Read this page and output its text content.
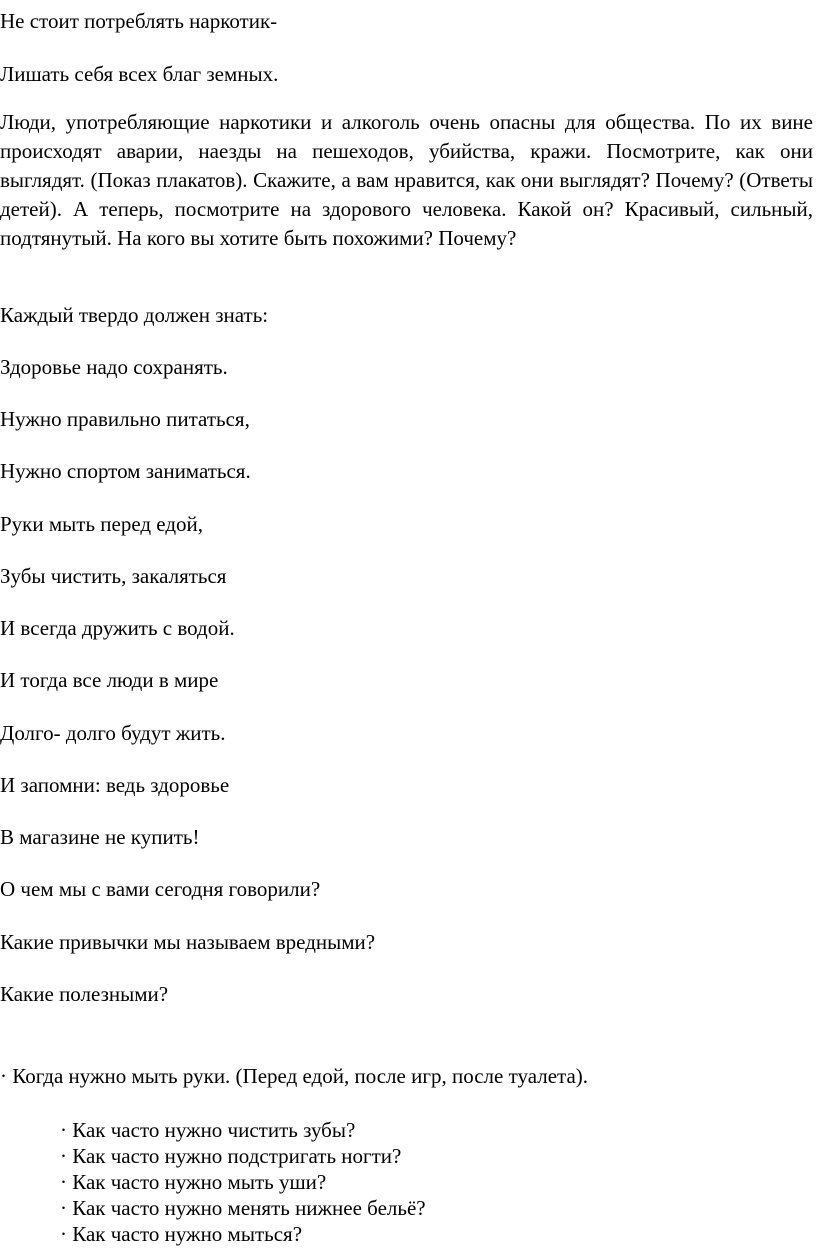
Не стоит потреблять наркотик-
Лишать себя всех благ земных.
Люди, употребляющие наркотики и алкоголь очень опасны для общества. По их вине происходят аварии, наезды на пешеходов, убийства, кражи. Посмотрите, как они выглядят. (Показ плакатов). Скажите, а вам нравится, как они выглядят? Почему? (Ответы детей). А теперь, посмотрите на здорового человека. Какой он? Красивый, сильный, подтянутый. На кого вы хотите быть похожими? Почему?
Каждый твердо должен знать:
Здоровье надо сохранять.
Нужно правильно питаться,
Нужно спортом заниматься.
Руки мыть перед едой,
Зубы чистить, закаляться
И всегда дружить с водой.
И тогда все люди в мире
Долго- долго будут жить.
И запомни: ведь здоровье
В магазине не купить!
О чем мы с вами сегодня говорили?
Какие привычки мы называем вредными?
Какие полезными?
· Когда нужно мыть руки. (Перед едой, после игр, после туалета).
· Как часто нужно чистить зубы?
· Как часто нужно подстригать ногти?
· Как часто нужно мыть уши?
· Как часто нужно менять нижнее бельё?
· Как часто нужно мыться?
